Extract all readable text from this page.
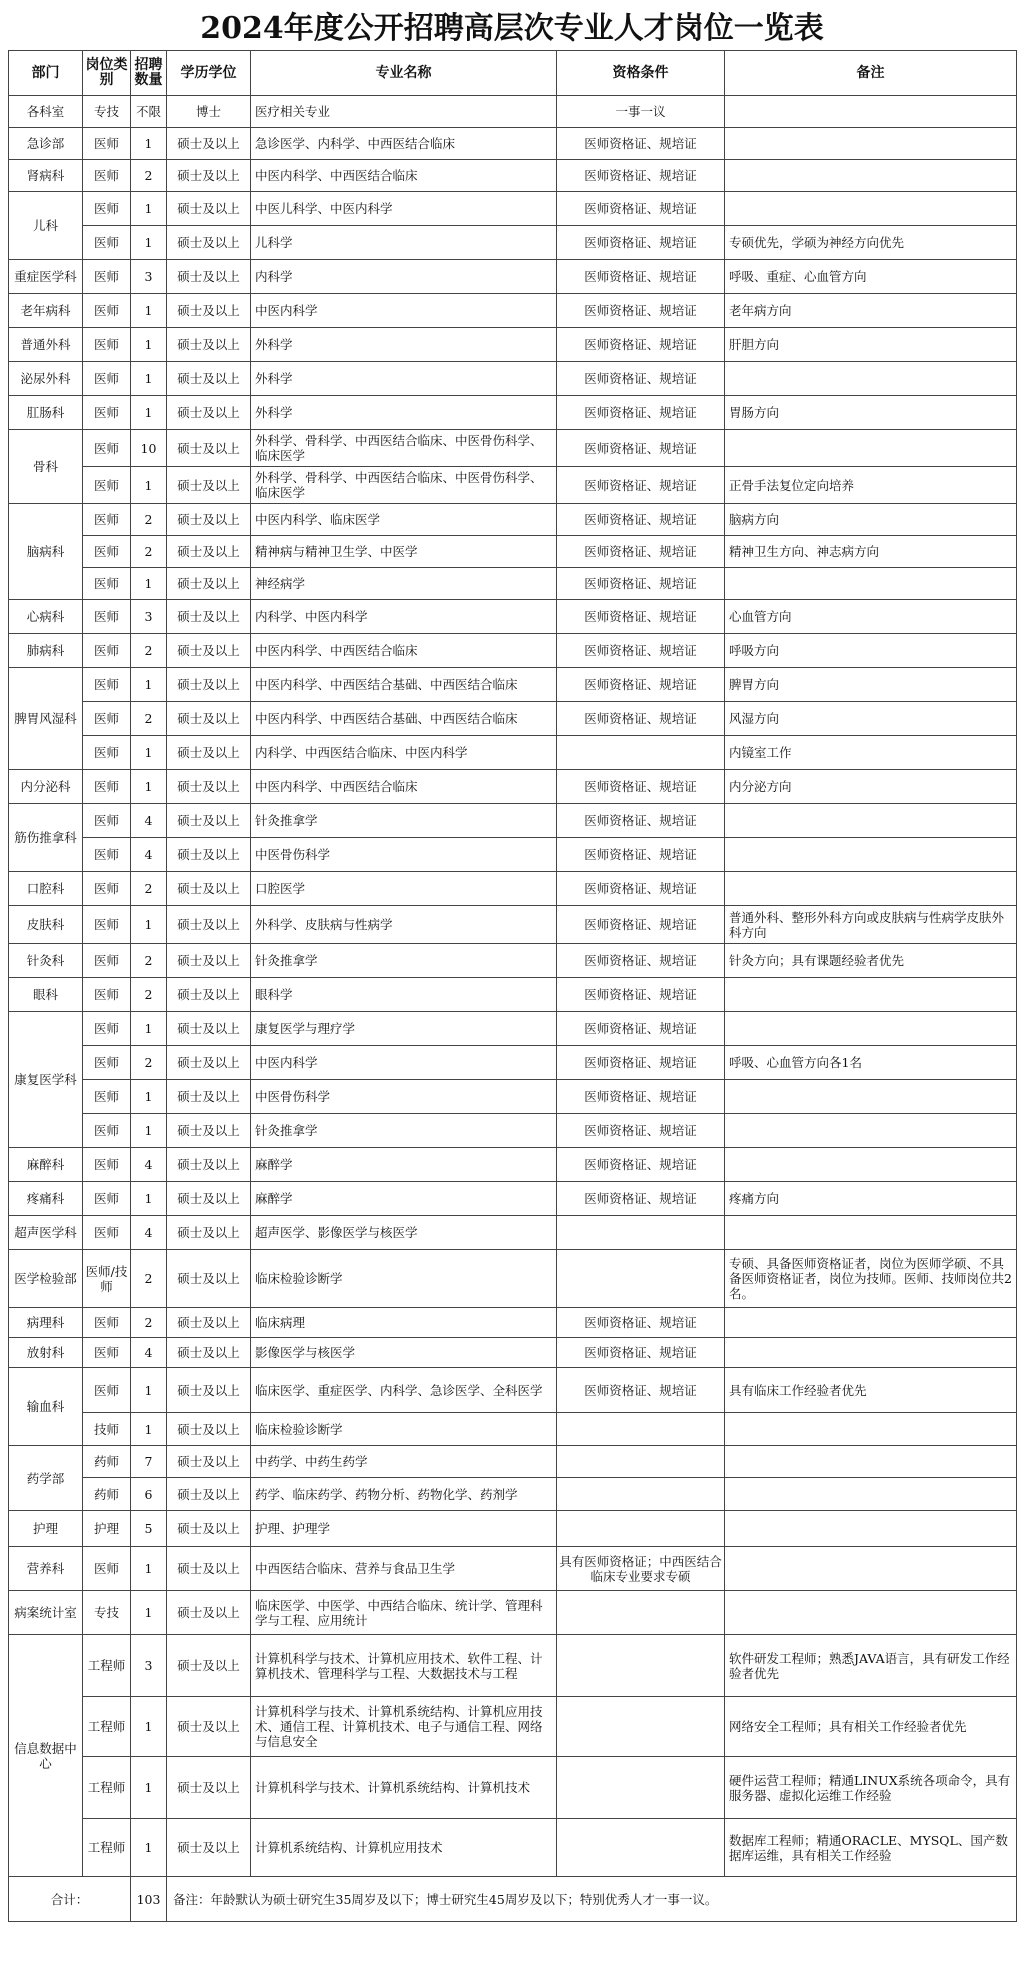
2024年度公开招聘高层次专业人才岗位一览表
部门	岗位类别	招聘数量	学历学位	专业名称	资格条件	备注
各科室	专技	不限	博士	医疗相关专业	一事一议	
急诊部	医师	1	硕士及以上	急诊医学、内科学、中西医结合临床	医师资格证、规培证	
肾病科	医师	2	硕士及以上	中医内科学、中西医结合临床	医师资格证、规培证	
儿科	医师	1	硕士及以上	中医儿科学、中医内科学	医师资格证、规培证	
	医师	1	硕士及以上	儿科学	医师资格证、规培证	专硕优先，学硕为神经方向优先
重症医学科	医师	3	硕士及以上	内科学	医师资格证、规培证	呼吸、重症、心血管方向
老年病科	医师	1	硕士及以上	中医内科学	医师资格证、规培证	老年病方向
普通外科	医师	1	硕士及以上	外科学	医师资格证、规培证	肝胆方向
泌尿外科	医师	1	硕士及以上	外科学	医师资格证、规培证	
肛肠科	医师	1	硕士及以上	外科学	医师资格证、规培证	胃肠方向
骨科	医师	10	硕士及以上	外科学、骨科学、中西医结合临床、中医骨伤科学、临床医学	医师资格证、规培证	
	医师	1	硕士及以上	外科学、骨科学、中西医结合临床、中医骨伤科学、临床医学	医师资格证、规培证	正骨手法复位定向培养
脑病科	医师	2	硕士及以上	中医内科学、临床医学	医师资格证、规培证	脑病方向
	医师	2	硕士及以上	精神病与精神卫生学、中医学	医师资格证、规培证	精神卫生方向、神志病方向
	医师	1	硕士及以上	神经病学	医师资格证、规培证	
心病科	医师	3	硕士及以上	内科学、中医内科学	医师资格证、规培证	心血管方向
肺病科	医师	2	硕士及以上	中医内科学、中西医结合临床	医师资格证、规培证	呼吸方向
脾胃风湿科	医师	1	硕士及以上	中医内科学、中西医结合基础、中西医结合临床	医师资格证、规培证	脾胃方向
	医师	2	硕士及以上	中医内科学、中西医结合基础、中西医结合临床	医师资格证、规培证	风湿方向
	医师	1	硕士及以上	内科学、中西医结合临床、中医内科学		内镜室工作
内分泌科	医师	1	硕士及以上	中医内科学、中西医结合临床	医师资格证、规培证	内分泌方向
筋伤推拿科	医师	4	硕士及以上	针灸推拿学	医师资格证、规培证	
	医师	4	硕士及以上	中医骨伤科学	医师资格证、规培证	
口腔科	医师	2	硕士及以上	口腔医学	医师资格证、规培证	
皮肤科	医师	1	硕士及以上	外科学、皮肤病与性病学	医师资格证、规培证	普通外科、整形外科方向或皮肤病与性病学皮肤外科方向
针灸科	医师	2	硕士及以上	针灸推拿学	医师资格证、规培证	针灸方向；具有课题经验者优先
眼科	医师	2	硕士及以上	眼科学	医师资格证、规培证	
康复医学科	医师	1	硕士及以上	康复医学与理疗学	医师资格证、规培证	
	医师	2	硕士及以上	中医内科学	医师资格证、规培证	呼吸、心血管方向各1名
	医师	1	硕士及以上	中医骨伤科学	医师资格证、规培证	
	医师	1	硕士及以上	针灸推拿学	医师资格证、规培证	
麻醉科	医师	4	硕士及以上	麻醉学	医师资格证、规培证	
疼痛科	医师	1	硕士及以上	麻醉学	医师资格证、规培证	疼痛方向
超声医学科	医师	4	硕士及以上	超声医学、影像医学与核医学		
医学检验部	医师/技师	2	硕士及以上	临床检验诊断学		专硕、具备医师资格证者，岗位为医师学硕、不具备医师资格证者，岗位为技师。医师、技师岗位共2名。
病理科	医师	2	硕士及以上	临床病理	医师资格证、规培证	
放射科	医师	4	硕士及以上	影像医学与核医学	医师资格证、规培证	
输血科	医师	1	硕士及以上	临床医学、重症医学、内科学、急诊医学、全科医学	医师资格证、规培证	具有临床工作经验者优先
	技师	1	硕士及以上	临床检验诊断学		
药学部	药师	7	硕士及以上	中药学、中药生药学		
	药师	6	硕士及以上	药学、临床药学、药物分析、药物化学、药剂学		
护理	护理	5	硕士及以上	护理、护理学		
营养科	医师	1	硕士及以上	中西医结合临床、营养与食品卫生学	具有医师资格证；中西医结合临床专业要求专硕	
病案统计室	专技	1	硕士及以上	临床医学、中医学、中西结合临床、统计学、管理科学与工程、应用统计		
信息数据中心	工程师	3	硕士及以上	计算机科学与技术、计算机应用技术、软件工程、计算机技术、管理科学与工程、大数据技术与工程		软件研发工程师；熟悉JAVA语言，具有研发工作经验者优先
	工程师	1	硕士及以上	计算机科学与技术、计算机系统结构、计算机应用技术、通信工程、计算机技术、电子与通信工程、网络与信息安全		网络安全工程师；具有相关工作经验者优先
	工程师	1	硕士及以上	计算机科学与技术、计算机系统结构、计算机技术		硬件运营工程师；精通LINUX系统各项命令，具有服务器、虚拟化运维工作经验
	工程师	1	硕士及以上	计算机系统结构、计算机应用技术		数据库工程师；精通ORACLE、MYSQL、国产数据库运维，具有相关工作经验
合计：		103	备注：年龄默认为硕士研究生35周岁及以下；博士研究生45周岁及以下；特别优秀人才一事一议。			
